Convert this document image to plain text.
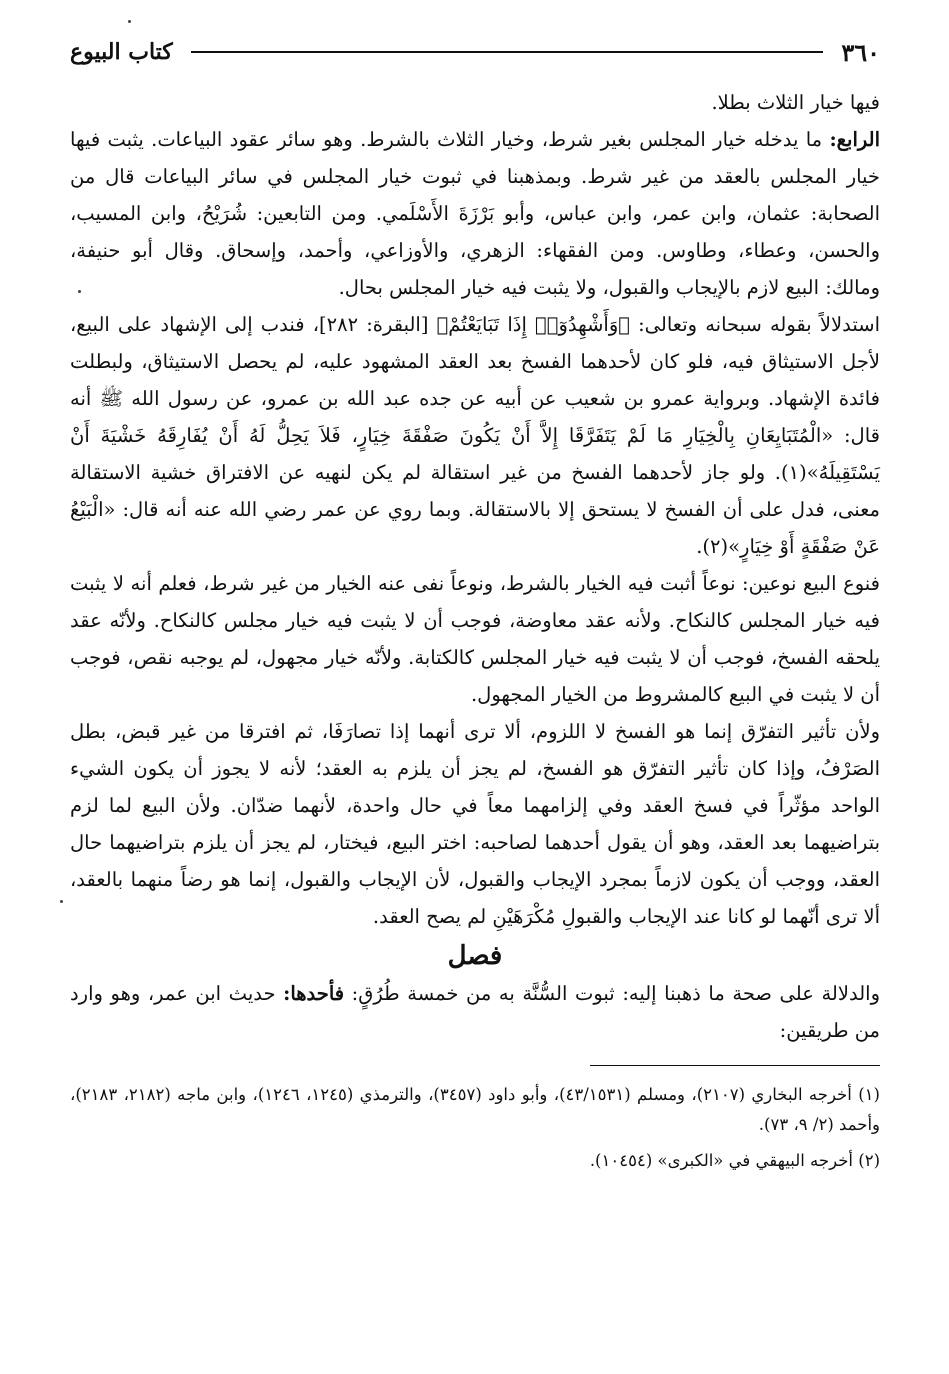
٣٦٠
كتاب البيوع

فيها خيار الثلاث بطلا.

الرابع: ما يدخله خيار المجلس بغير شرط، وخيار الثلاث بالشرط. وهو سائر عقود البياعات. يثبت فيها خيار المجلس بالعقد من غير شرط. وبمذهبنا في ثبوت خيار المجلس في سائر البياعات قال من الصحابة: عثمان، وابن عمر، وابن عباس، وأبو بَرْزَةَ الأَسْلَمي. ومن التابعين: شُرَيْحُ، وابن المسيب، والحسن، وعطاء، وطاوس. ومن الفقهاء: الزهري، والأوزاعي، وأحمد، وإسحاق. وقال أبو حنيفة، ومالك: البيع لازم بالإيجاب والقبول، ولا يثبت فيه خيار المجلس بحال.

استدلالاً بقوله سبحانه وتعالى: ﴿وَأَشْهِدُوٓا۟ إِذَا تَبَايَعْتُمْ﴾ [البقرة: ٢٨٢]، فندب إلى الإشهاد على البيع، لأجل الاستيثاق فيه، فلو كان لأحدهما الفسخ بعد العقد المشهود عليه، لم يحصل الاستيثاق، ولبطلت فائدة الإشهاد. وبرواية عمرو بن شعيب عن أبيه عن جده عبد الله بن عمرو، عن رسول الله ﷺ أنه قال: «الْمُتَبَايِعَانِ بِالْخِيَارِ مَا لَمْ يَتَفَرَّقَا إِلاَّ أَنْ يَكُونَ صَفْقَةَ خِيَارٍ، فَلاَ يَحِلُّ لَهُ أَنْ يُفَارِقَهُ خَشْيَةَ أَنْ يَسْتَقِيلَهُ»(١). ولو جاز لأحدهما الفسخ من غير استقالة لم يكن لنهيه عن الافتراق خشية الاستقالة معنى، فدل على أن الفسخ لا يستحق إلا بالاستقالة. وبما روي عن عمر رضي الله عنه أنه قال: «الْبَيْعُ عَنْ صَفْقَةٍ أَوْ خِيَارٍ»(٢).

فنوع البيع نوعين: نوعاً أثبت فيه الخيار بالشرط، ونوعاً نفى عنه الخيار من غير شرط، فعلم أنه لا يثبت فيه خيار المجلس كالنكاح. ولأنه عقد معاوضة، فوجب أن لا يثبت فيه خيار مجلس كالنكاح. ولأنّه عقد يلحقه الفسخ، فوجب أن لا يثبت فيه خيار المجلس كالكتابة. ولأنّه خيار مجهول، لم يوجبه نقص، فوجب أن لا يثبت في البيع كالمشروط من الخيار المجهول.

ولأن تأثير التفرّق إنما هو الفسخ لا اللزوم، ألا ترى أنهما إذا تصارَفَا، ثم افترقا من غير قبض، بطل الصَرْفُ، وإذا كان تأثير التفرّق هو الفسخ، لم يجز أن يلزم به العقد؛ لأنه لا يجوز أن يكون الشيء الواحد مؤثّراً في فسخ العقد وفي إلزامهما معاً في حال واحدة، لأنهما ضدّان. ولأن البيع لما لزم بتراضيهما بعد العقد، وهو أن يقول أحدهما لصاحبه: اختر البيع، فيختار، لم يجز أن يلزم بتراضيهما حال العقد، ووجب أن يكون لازماً بمجرد الإيجاب والقبول، لأن الإيجاب والقبول، إنما هو رضاً منهما بالعقد، ألا ترى أنّهما لو كانا عند الإيجاب والقبولِ مُكْرَهَيْنِ لم يصح العقد.

فصل

والدلالة على صحة ما ذهبنا إليه: ثبوت السُّنَّة به من خمسة طُرُقٍ: فأحدها: حديث ابن عمر، وهو وارد من طريقين:

(١) أخرجه البخاري (٢١٠٧)، ومسلم (٤٣/١٥٣١)، وأبو داود (٣٤٥٧)، والترمذي (١٢٤٥، ١٢٤٦)، وابن ماجه (٢١٨٢، ٢١٨٣)، وأحمد (٢/ ٩، ٧٣).

(٢) أخرجه البيهقي في «الكبرى» (١٠٤٥٤).
